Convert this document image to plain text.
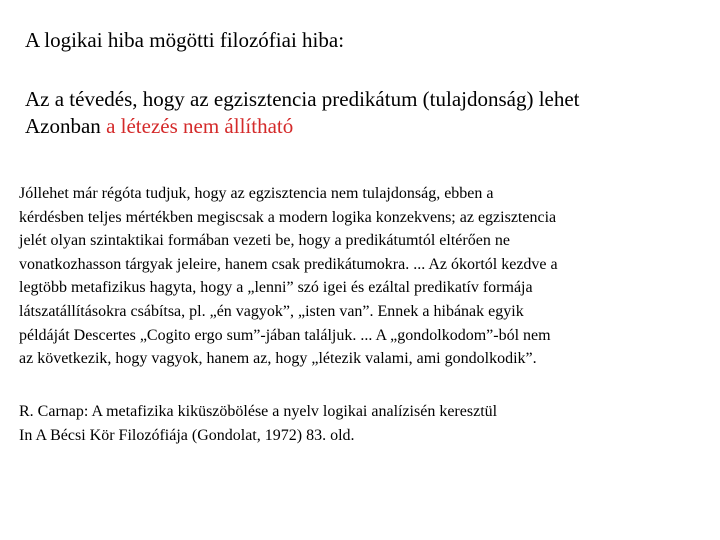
A logikai hiba mögötti filozófiai hiba:
Az a tévedés, hogy az egzisztencia predikátum (tulajdonság) lehet
Azonban a létezés nem állítható
Jóllehet már régóta tudjuk, hogy az egzisztencia nem tulajdonság, ebben a
kérdésben teljes mértékben megiscsak a modern logika konzekvens; az egzisztencia
jelét olyan szintaktikai formában vezeti be, hogy a predikátumtól eltérően ne
vonatkozhasson tárgyak jeleire, hanem csak predikátumokra. ... Az ókortól kezdve a
legtöbb metafizikus hagyta, hogy a „lenni” szó igei és ezáltal predikatív formája
látszatállításokra csábítsa, pl. „én vagyok”, „isten van”. Ennek a hibának egyik
példáját Descertes „Cogito ergo sum”-jában találjuk. ... A „gondolkodom”-ból nem
az következik, hogy vagyok, hanem az, hogy „létezik valami, ami gondolkodik”.
R. Carnap: A metafizika kiküszöbölése a nyelv logikai analízisén keresztül
In A Bécsi Kör Filozófiája (Gondolat, 1972) 83. old.
